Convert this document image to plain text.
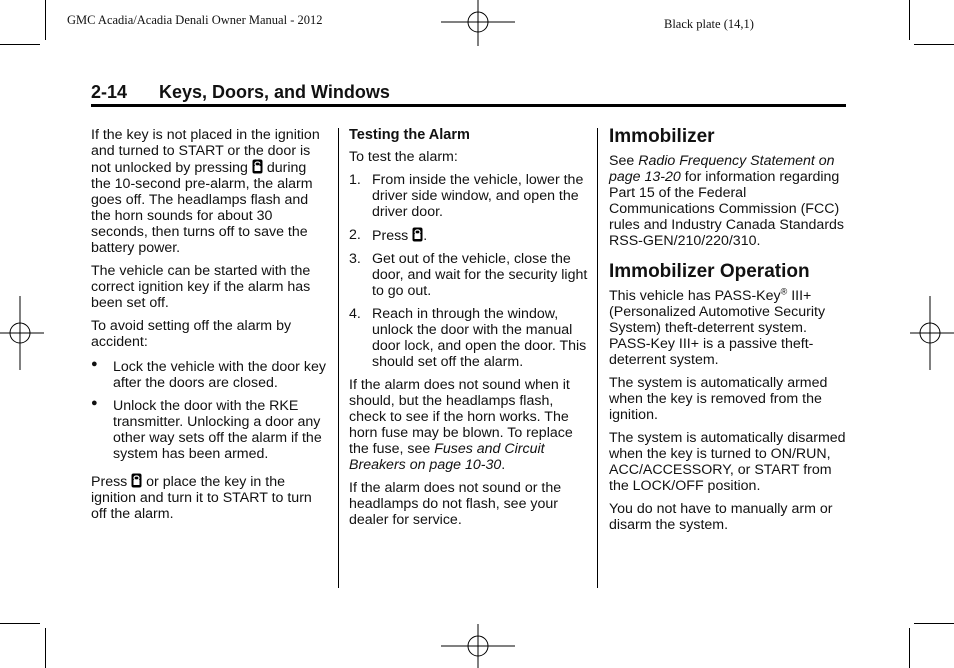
GMC Acadia/Acadia Denali Owner Manual - 2012	Black plate (14,1)
2-14 Keys, Doors, and Windows

If the key is not placed in the ignition and turned to START or the door is not unlocked by pressing during the 10-second pre-alarm, the alarm goes off. The headlamps flash and the horn sounds for about 30 seconds, then turns off to save the battery power.

The vehicle can be started with the correct ignition key if the alarm has been set off.

To avoid setting off the alarm by accident:

● Lock the vehicle with the door key after the doors are closed.
● Unlock the door with the RKE transmitter. Unlocking a door any other way sets off the alarm if the system has been armed.

Press or place the key in the ignition and turn it to START to turn off the alarm.

Testing the Alarm

To test the alarm:

1. From inside the vehicle, lower the driver side window, and open the driver door.
2. Press .
3. Get out of the vehicle, close the door, and wait for the security light to go out.
4. Reach in through the window, unlock the door with the manual door lock, and open the door. This should set off the alarm.

If the alarm does not sound when it should, but the headlamps flash, check to see if the horn works. The horn fuse may be blown. To replace the fuse, see Fuses and Circuit Breakers on page 10-30.

If the alarm does not sound or the headlamps do not flash, see your dealer for service.

Immobilizer

See Radio Frequency Statement on page 13-20 for information regarding Part 15 of the Federal Communications Commission (FCC) rules and Industry Canada Standards RSS-GEN/210/220/310.

Immobilizer Operation

This vehicle has PASS-Key® III+ (Personalized Automotive Security System) theft-deterrent system. PASS-Key III+ is a passive theft-deterrent system.

The system is automatically armed when the key is removed from the ignition.

The system is automatically disarmed when the key is turned to ON/RUN, ACC/ACCESSORY, or START from the LOCK/OFF position.

You do not have to manually arm or disarm the system.
